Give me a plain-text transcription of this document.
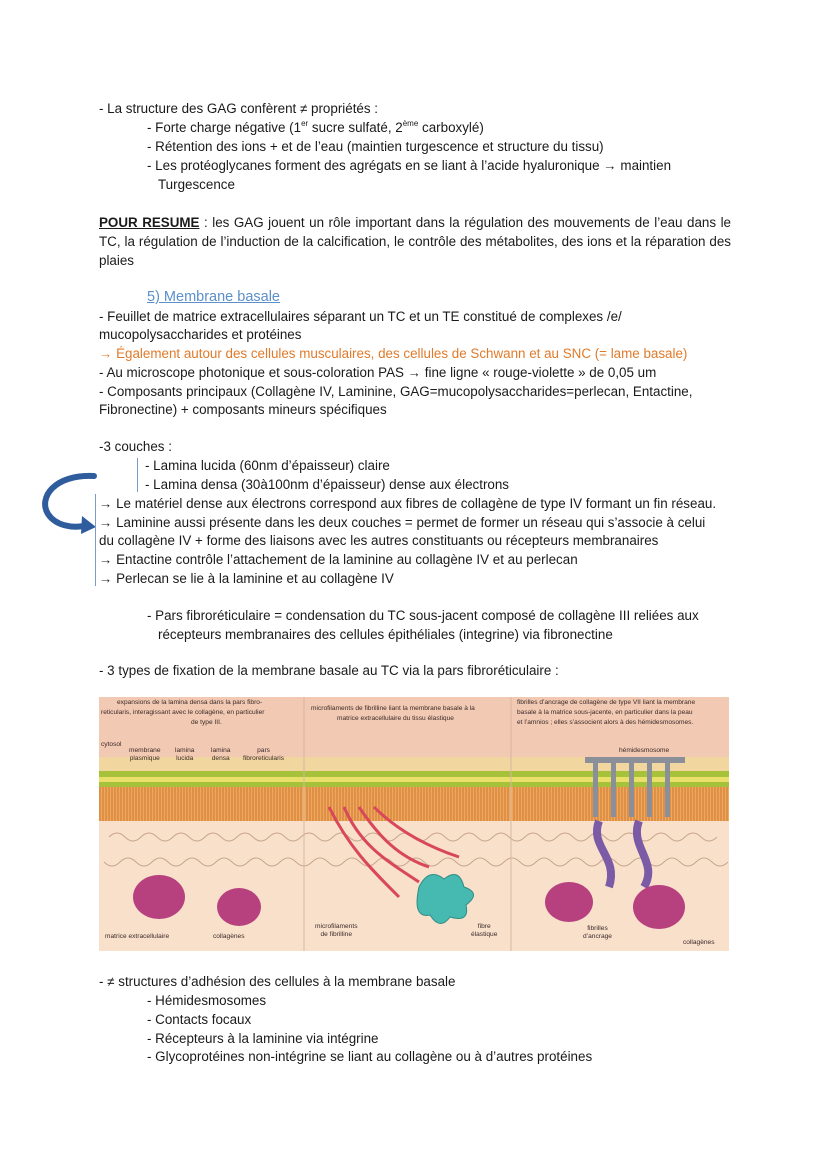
- La structure des GAG confèrent ≠ propriétés :
- Forte charge négative (1er sucre sulfaté, 2ème carboxylé)
- Rétention des ions + et de l’eau (maintien turgescence et structure du tissu)
- Les protéoglycanes forment des agrégats en se liant à l’acide hyaluronique → maintien
Turgescence
POUR RESUME : les GAG jouent un rôle important dans la régulation des mouvements de l’eau dans le TC, la régulation de l’induction de la calcification, le contrôle des métabolites, des ions et la réparation des plaies
5) Membrane basale
- Feuillet de matrice extracellulaires séparant un TC et un TE constitué de complexes /e/
mucopolysaccharides et protéines
→ Également autour des cellules musculaires, des cellules de Schwann et au SNC (= lame basale)
- Au microscope photonique et sous-coloration PAS → fine ligne « rouge-violette » de 0,05 um
- Composants principaux (Collagène IV, Laminine, GAG=mucopolysaccharides=perlecan, Entactine,
Fibronectine) + composants mineurs spécifiques
-3 couches :
- Lamina lucida (60nm d’épaisseur) claire
- Lamina densa (30à100nm d’épaisseur) dense aux électrons
→ Le matériel dense aux électrons correspond aux fibres de collagène de type IV formant un fin réseau.
→ Laminine aussi présente dans les deux couches = permet de former un réseau qui s’associe à celui
du collagène IV + forme des liaisons avec les autres constituants ou récepteurs membranaires
→ Entactine contrôle l’attachement de la laminine au collagène IV et au perlecan
→ Perlecan se lie à la laminine et au collagène IV
- Pars fibroréticulaire = condensation du TC sous-jacent composé de collagène III reliées aux
récepteurs membranaires des cellules épithéliales (integrine) via fibronectine
- 3 types de fixation de la membrane basale au TC via la pars fibroréticulaire :
expansions de la lamina densa dans la pars fibro-
reticularis, interagissant avec le collagène, en particulier
de type III.
microfilaments de fibrilline liant la membrane basale à la
matrice extracellulaire du tissu élastique
fibrilles d’ancrage de collagène de type VII liant la membrane
basale à la matrice sous-jacente, en particulier dans la peau
et l’amnios ; elles s’associent alors à des hémidesmosomes.
cytosol
membrane
plasmique
lamina
lucida
lamina
densa
pars
fibroreticularis
hémidesmosome
matrice extracellulaire	collagènes
microfilaments
de fibrilline
fibre
élastique
fibrilles
d’ancrage
collagènes
- ≠ structures d’adhésion des cellules à la membrane basale
- Hémidesmosomes
- Contacts focaux
- Récepteurs à la laminine via intégrine
- Glycoprotéines non-intégrine se liant au collagène ou à d’autres protéines
